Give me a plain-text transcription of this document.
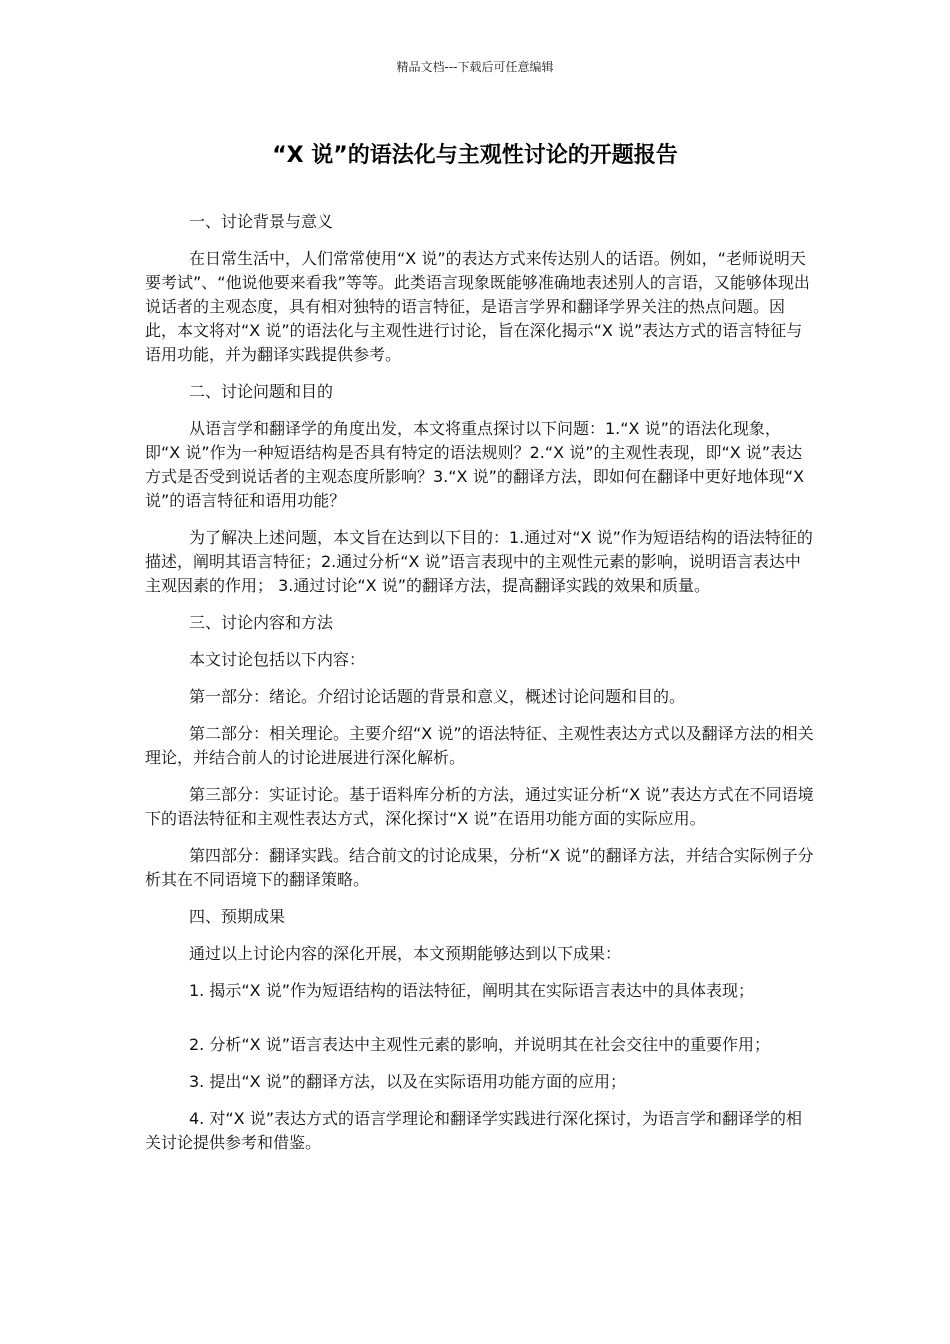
精品文档---下载后可任意编辑
“X 说”的语法化与主观性讨论的开题报告

一、讨论背景与意义

在日常生活中，人们常常使用“X 说”的表达方式来传达别人的话语。例如，“老师说明天要考试”、“他说他要来看我”等等。此类语言现象既能够准确地表述别人的言语，又能够体现出说话者的主观态度，具有相对独特的语言特征，是语言学界和翻译学界关注的热点问题。因此，本文将对“X 说”的语法化与主观性进行讨论，旨在深化揭示“X 说”表达方式的语言特征与语用功能，并为翻译实践提供参考。

二、讨论问题和目的

从语言学和翻译学的角度出发，本文将重点探讨以下问题：1.“X 说”的语法化现象，即“X 说”作为一种短语结构是否具有特定的语法规则？2.“X 说”的主观性表现，即“X 说”表达方式是否受到说话者的主观态度所影响？3.“X 说”的翻译方法，即如何在翻译中更好地体现“X 说”的语言特征和语用功能？

为了解决上述问题，本文旨在达到以下目的：1.通过对“X 说”作为短语结构的语法特征的描述，阐明其语言特征；2.通过分析“X 说”语言表现中的主观性元素的影响，说明语言表达中主观因素的作用； 3.通过讨论“X 说”的翻译方法，提高翻译实践的效果和质量。

三、讨论内容和方法

本文讨论包括以下内容：

第一部分：绪论。介绍讨论话题的背景和意义，概述讨论问题和目的。

第二部分：相关理论。主要介绍“X 说”的语法特征、主观性表达方式以及翻译方法的相关理论，并结合前人的讨论进展进行深化解析。

第三部分：实证讨论。基于语料库分析的方法，通过实证分析“X 说”表达方式在不同语境下的语法特征和主观性表达方式，深化探讨“X 说”在语用功能方面的实际应用。

第四部分：翻译实践。结合前文的讨论成果，分析“X 说”的翻译方法，并结合实际例子分析其在不同语境下的翻译策略。

四、预期成果

通过以上讨论内容的深化开展，本文预期能够达到以下成果：

1. 揭示“X 说”作为短语结构的语法特征，阐明其在实际语言表达中的具体表现；

2. 分析“X 说”语言表达中主观性元素的影响，并说明其在社会交往中的重要作用；

3. 提出“X 说”的翻译方法，以及在实际语用功能方面的应用；

4. 对“X 说”表达方式的语言学理论和翻译学实践进行深化探讨，为语言学和翻译学的相关讨论提供参考和借鉴。
